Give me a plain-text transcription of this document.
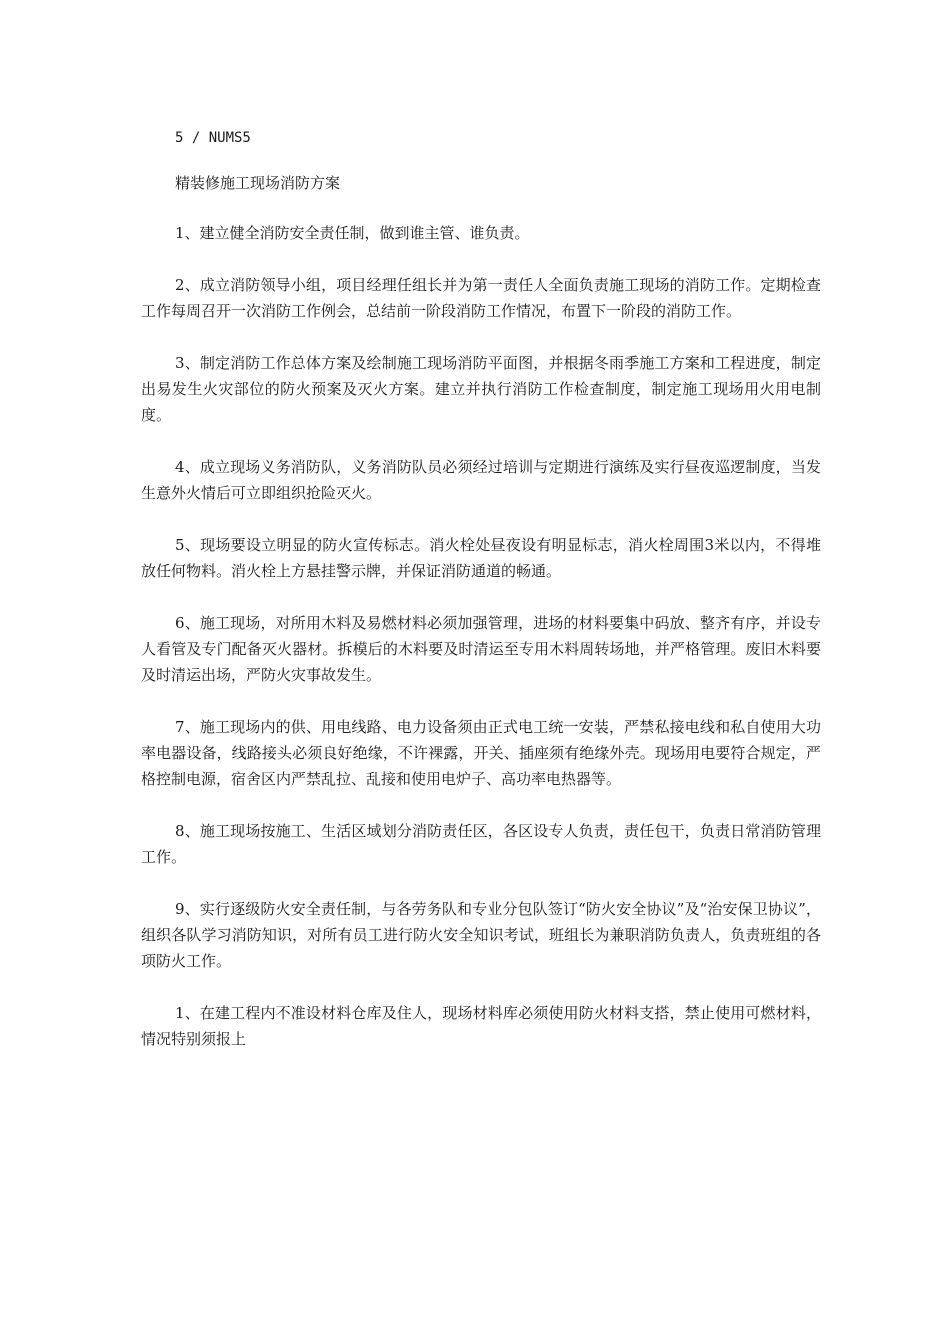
5 / NUMS5

精装修施工现场消防方案

1、建立健全消防安全责任制，做到谁主管、谁负责。

2、成立消防领导小组，项目经理任组长并为第一责任人全面负责施工现场的消防工作。定期检查工作每周召开一次消防工作例会，总结前一阶段消防工作情况，布置下一阶段的消防工作。

3、制定消防工作总体方案及绘制施工现场消防平面图，并根据冬雨季施工方案和工程进度，制定出易发生火灾部位的防火预案及灭火方案。建立并执行消防工作检查制度，制定施工现场用火用电制度。

4、成立现场义务消防队，义务消防队员必须经过培训与定期进行演练及实行昼夜巡逻制度，当发生意外火情后可立即组织抢险灭火。

5、现场要设立明显的防火宣传标志。消火栓处昼夜设有明显标志，消火栓周围3米以内，不得堆放任何物料。消火栓上方悬挂警示牌，并保证消防通道的畅通。

6、施工现场，对所用木料及易燃材料必须加强管理，进场的材料要集中码放、整齐有序，并设专人看管及专门配备灭火器材。拆模后的木料要及时清运至专用木料周转场地，并严格管理。废旧木料要及时清运出场，严防火灾事故发生。

7、施工现场内的供、用电线路、电力设备须由正式电工统一安装，严禁私接电线和私自使用大功率电器设备，线路接头必须良好绝缘，不许裸露，开关、插座须有绝缘外壳。现场用电要符合规定，严格控制电源，宿舍区内严禁乱拉、乱接和使用电炉子、高功率电热器等。

8、施工现场按施工、生活区域划分消防责任区，各区设专人负责，责任包干，负责日常消防管理工作。

9、实行逐级防火安全责任制，与各劳务队和专业分包队签订“防火安全协议”及“治安保卫协议”，组织各队学习消防知识，对所有员工进行防火安全知识考试，班组长为兼职消防负责人，负责班组的各项防火工作。

1、在建工程内不准设材料仓库及住人，现场材料库必须使用防火材料支搭，禁止使用可燃材料，情况特别须报上
